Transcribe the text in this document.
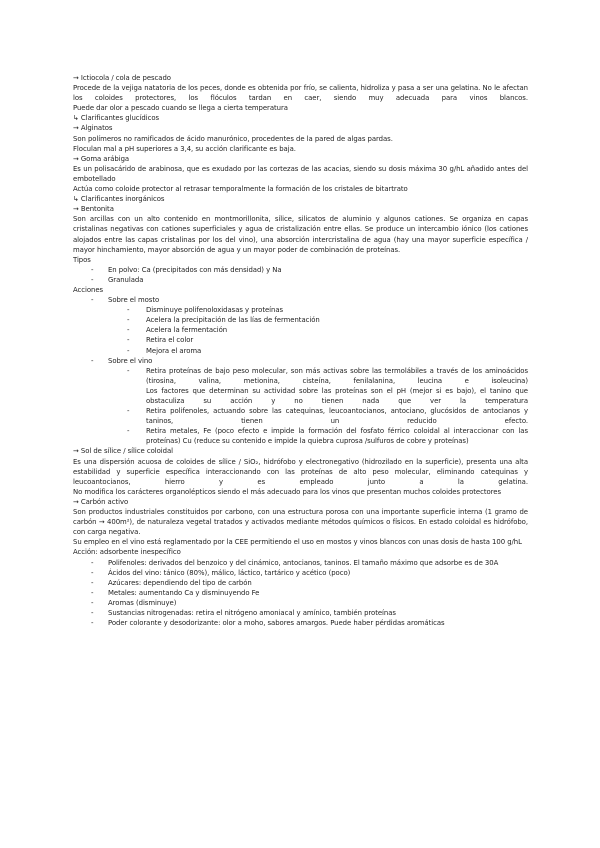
→ Ictiocola / cola de pescado
Procede de la vejiga natatoria de los peces, donde es obtenida por frío, se calienta, hidroliza y pasa a ser una gelatina. No le afectan los coloides protectores, los flóculos tardan en caer, siendo muy adecuada para vinos blancos.
Puede dar olor a pescado cuando se llega a cierta temperatura
↳ Clarificantes glucídicos
→ Alginatos
Son polímeros no ramificados de ácido manurónico, procedentes de la pared de algas pardas.
Floculan mal a pH superiores a 3,4, su acción clarificante es baja.
→ Goma arábiga
Es un polisacárido de arabinosa, que es exudado por las cortezas de las acacias, siendo su dosis máxima 30 g/hL añadido antes del embotellado
Actúa como coloide protector al retrasar temporalmente la formación de los cristales de bitartrato
↳ Clarificantes inorgánicos
→ Bentonita
Son arcillas con un alto contenido en montmorillonita, sílice, silicatos de aluminio y algunos cationes. Se organiza en capas cristalinas negativas con cationes superficiales y agua de cristalización entre ellas. Se produce un intercambio iónico (los cationes alojados entre las capas cristalinas por los del vino), una absorción intercristalina de agua (hay una mayor superficie específica / mayor hinchamiento, mayor absorción de agua y un mayor poder de combinación de proteínas.
Tipos
- En polvo: Ca (precipitados con más densidad) y Na
- Granulada
Acciones
- Sobre el mosto
- Disminuye polifenoloxidasas y proteínas
- Acelera la precipitación de las lías de fermentación
- Acelera la fermentación
- Retira el color
- Mejora el aroma
- Sobre el vino
- Retira proteínas de bajo peso molecular, son más activas sobre las termolábiles a través de los aminoácidos (tirosina, valina, metionina, cisteína, fenilalanina, leucina e isoleucina)
Los factores que determinan su actividad sobre las proteínas son el pH (mejor si es bajo), el tanino que obstaculiza su acción y no tienen nada que ver la temperatura
- Retira polifenoles, actuando sobre las catequinas, leucoantocianos, antociano, glucósidos de antocianos y taninos, tienen un reducido efecto.
- Retira metales, Fe (poco efecto e impide la formación del fosfato férrico coloidal al interaccionar con las proteínas) Cu (reduce su contenido e impide la quiebra cuprosa /sulfuros de cobre y proteínas)
→ Sol de sílice / sílice coloidal
Es una dispersión acuosa de coloides de sílice / SiO₂, hidrófobo y electronegativo (hidrozilado en la superficie), presenta una alta estabilidad y superficie específica interaccionando con las proteínas de alto peso molecular, eliminando catequinas y leucoantocianos, hierro y es empleado junto a la gelatina.
No modifica los carácteres organolépticos siendo el más adecuado para los vinos que presentan muchos coloides protectores
→ Carbón activo
Son productos industriales constituidos por carbono, con una estructura porosa con una importante superficie interna (1 gramo de carbón → 400m²), de naturaleza vegetal tratados y activados mediante métodos químicos o físicos. En estado coloidal es hidrófobo, con carga negativa.
Su empleo en el vino está reglamentado por la CEE permitiendo el uso en mostos y vinos blancos con unas dosis de hasta 100 g/hL
Acción: adsorbente inespecífico
- Polifenoles: derivados del benzoico y del cinámico, antocianos, taninos. El tamaño máximo que adsorbe es de 30A
- Ácidos del vino: tánico (80%), málico, láctico, tartárico y acético (poco)
- Azúcares: dependiendo del tipo de carbón
- Metales: aumentando Ca y disminuyendo Fe
- Aromas (disminuye)
- Sustancias nitrogenadas: retira el nitrógeno amoniacal y amínico, también proteínas
- Poder colorante y desodorizante: olor a moho, sabores amargos. Puede haber pérdidas aromáticas
